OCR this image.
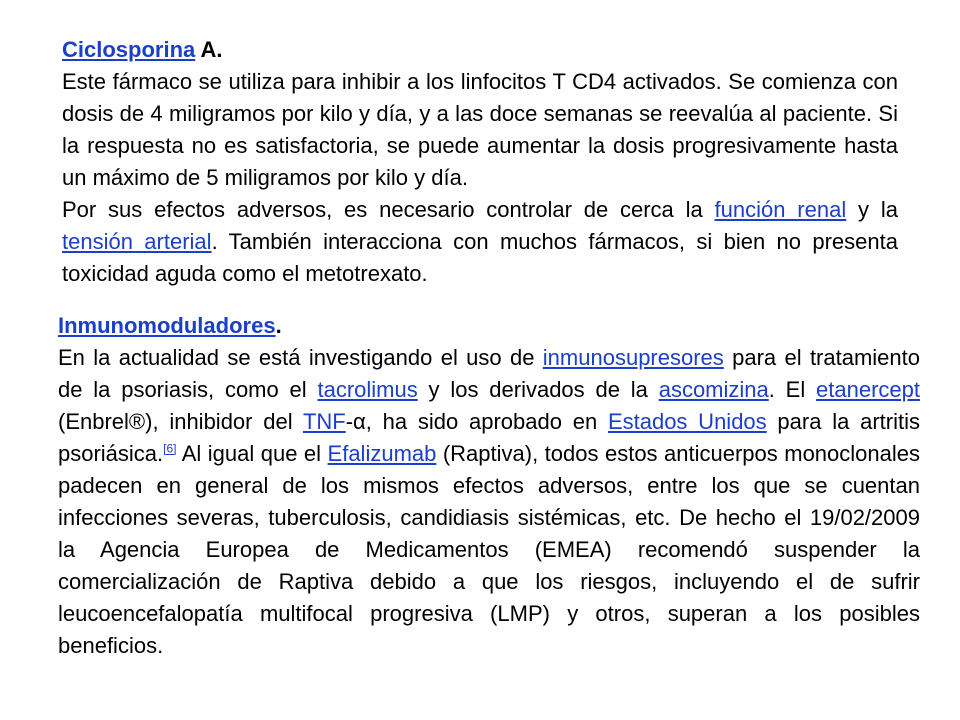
Ciclosporina A.

Este fármaco se utiliza para inhibir a los linfocitos T CD4 activados. Se comienza con dosis de 4 miligramos por kilo y día, y a las doce semanas se reevalúa al paciente. Si la respuesta no es satisfactoria, se puede aumentar la dosis progresivamente hasta un máximo de 5 miligramos por kilo y día.

Por sus efectos adversos, es necesario controlar de cerca la función renal y la tensión arterial. También interacciona con muchos fármacos, si bien no presenta toxicidad aguda como el metotrexato.

Inmunomoduladores.

En la actualidad se está investigando el uso de inmunosupresores para el tratamiento de la psoriasis, como el tacrolimus y los derivados de la ascomizina. El etanercept (Enbrel®), inhibidor del TNF-α, ha sido aprobado en Estados Unidos para la artritis psoriásica.[6] Al igual que el Efalizumab (Raptiva), todos estos anticuerpos monoclonales padecen en general de los mismos efectos adversos, entre los que se cuentan infecciones severas, tuberculosis, candidiasis sistémicas, etc. De hecho el 19/02/2009 la Agencia Europea de Medicamentos (EMEA) recomendó suspender la comercialización de Raptiva debido a que los riesgos, incluyendo el de sufrir leucoencefalopatía multifocal progresiva (LMP) y otros, superan a los posibles beneficios.
